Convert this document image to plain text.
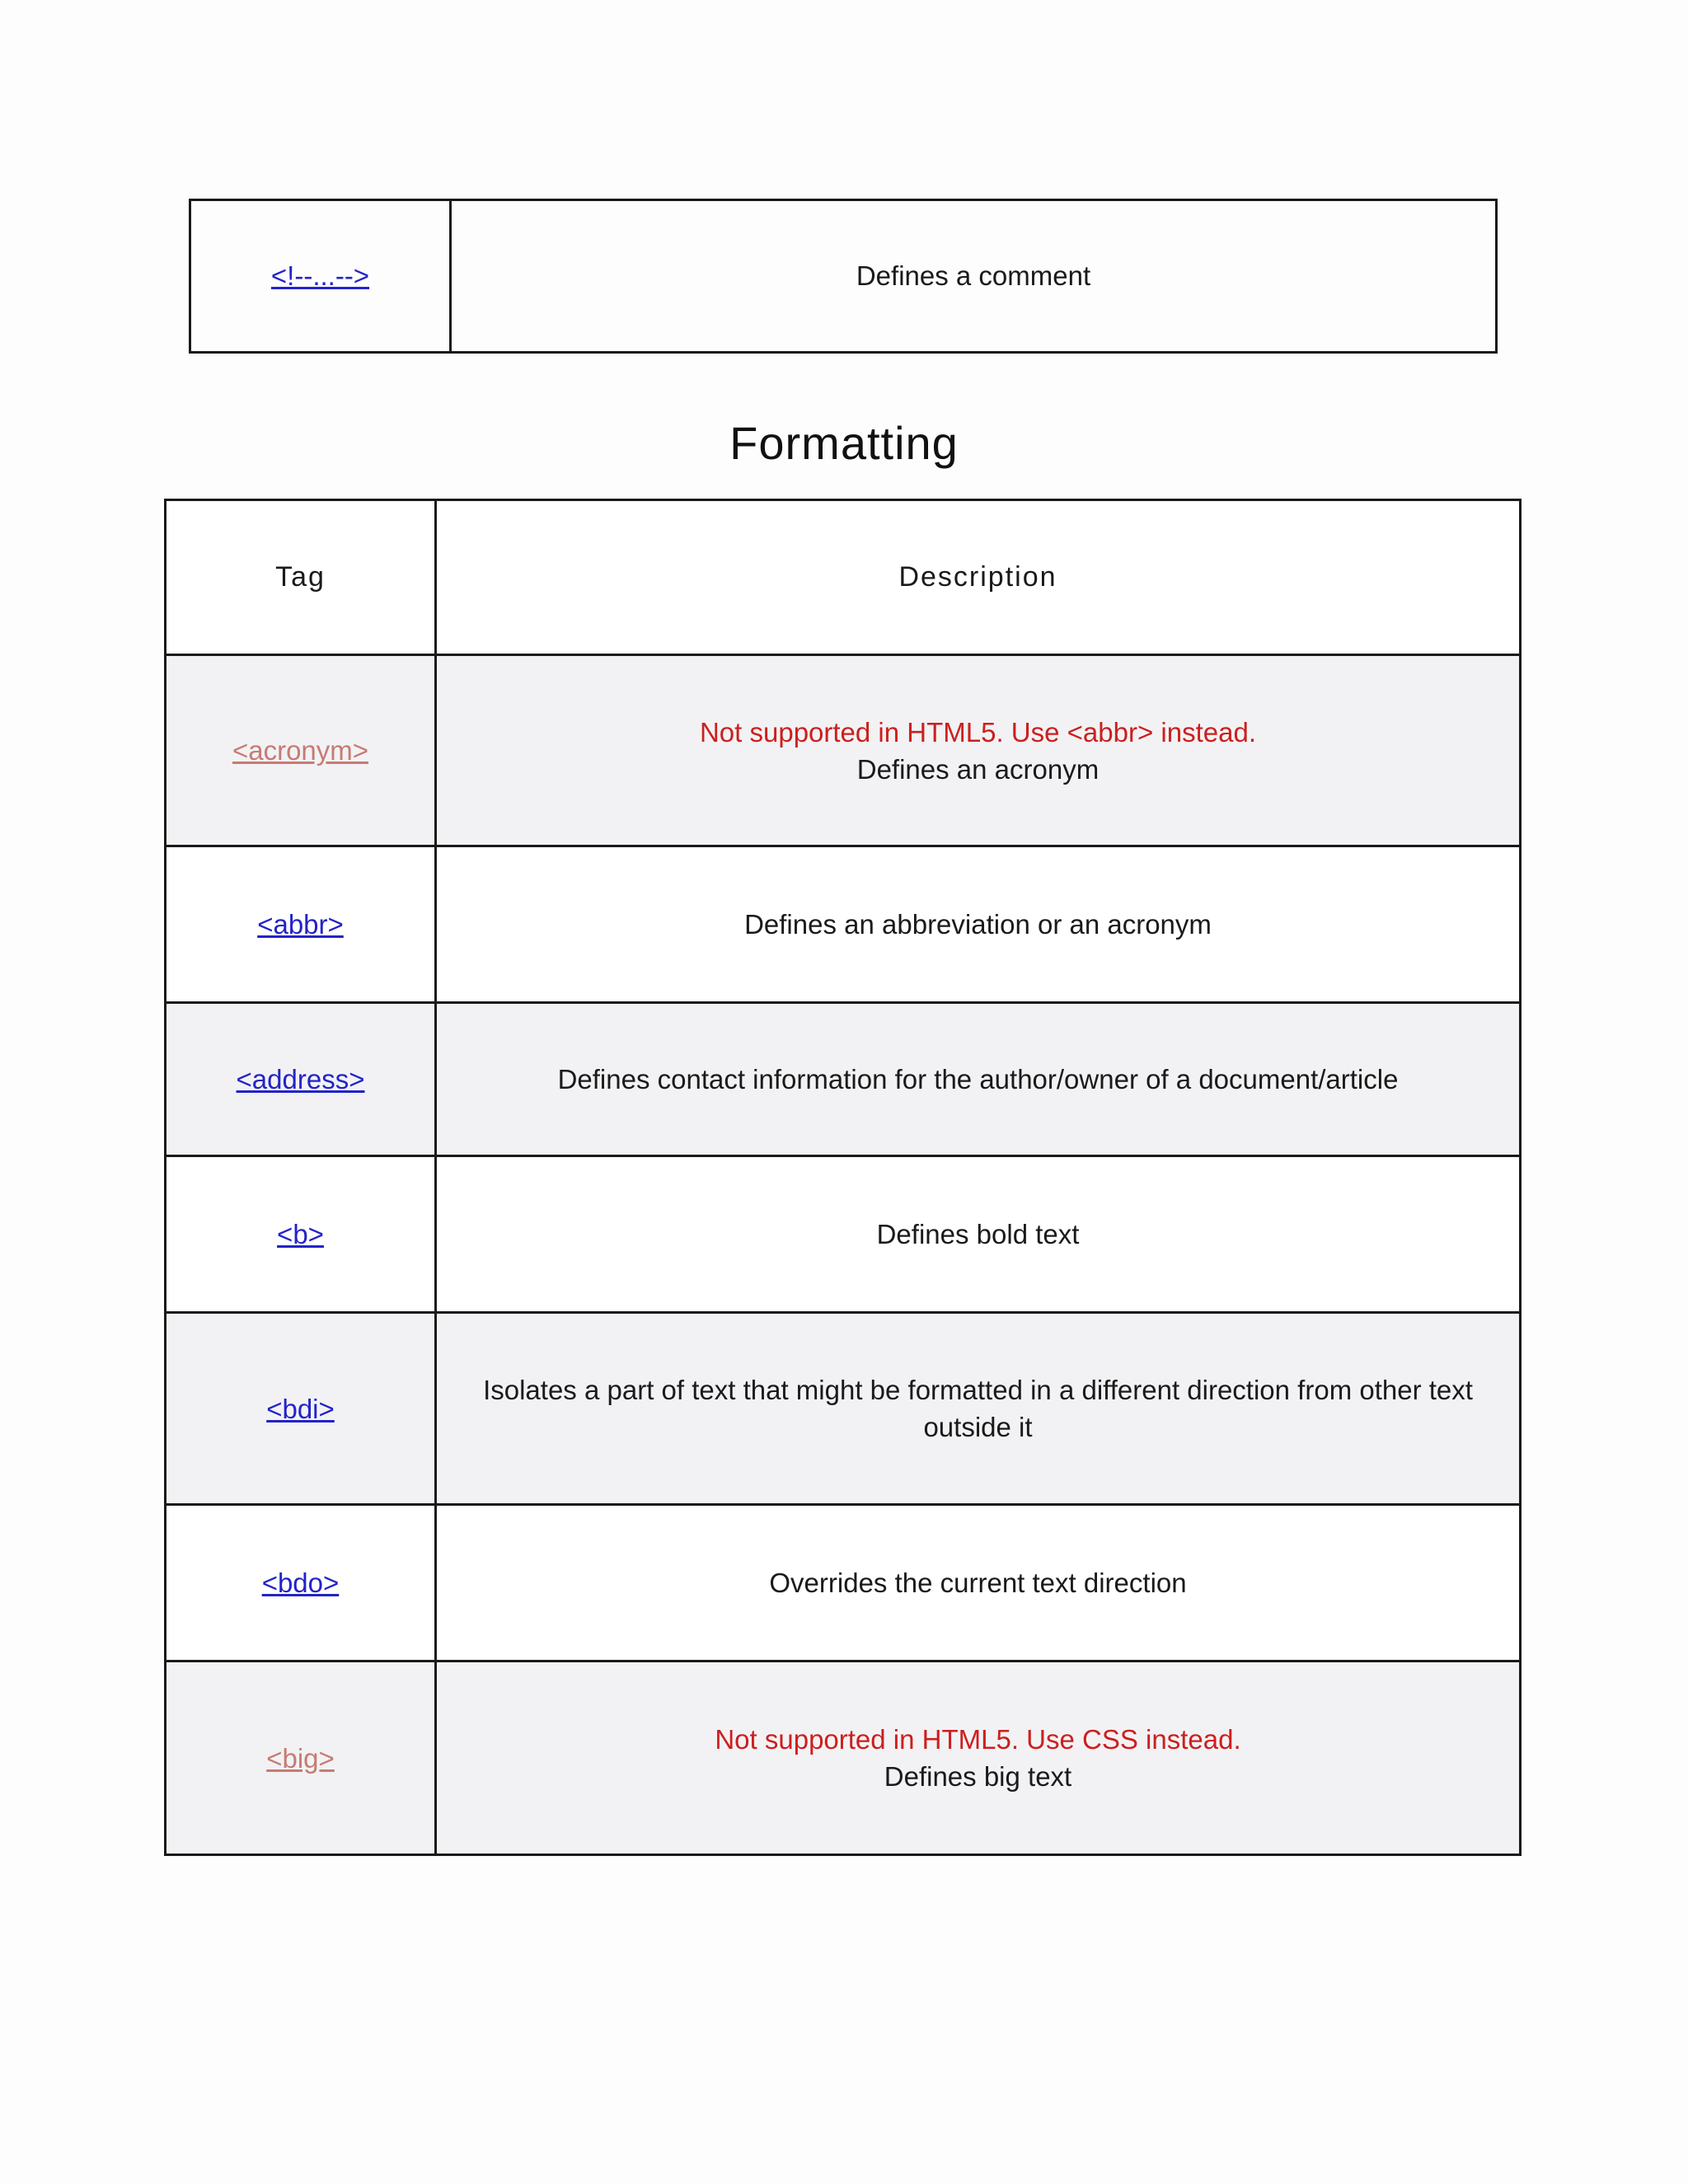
<!--...-->	Defines a comment
Formatting
Tag	Description
<acronym>	Not supported in HTML5. Use <abbr> instead.
Defines an acronym

<abbr>	Defines an abbreviation or an acronym

<address>	Defines contact information for the author/owner of a document/article

<b>	Defines bold text

<bdi>	Isolates a part of text that might be formatted in a different direction from other text outside it

<bdo>	Overrides the current text direction

<big>	Not supported in HTML5. Use CSS instead.
Defines big text
